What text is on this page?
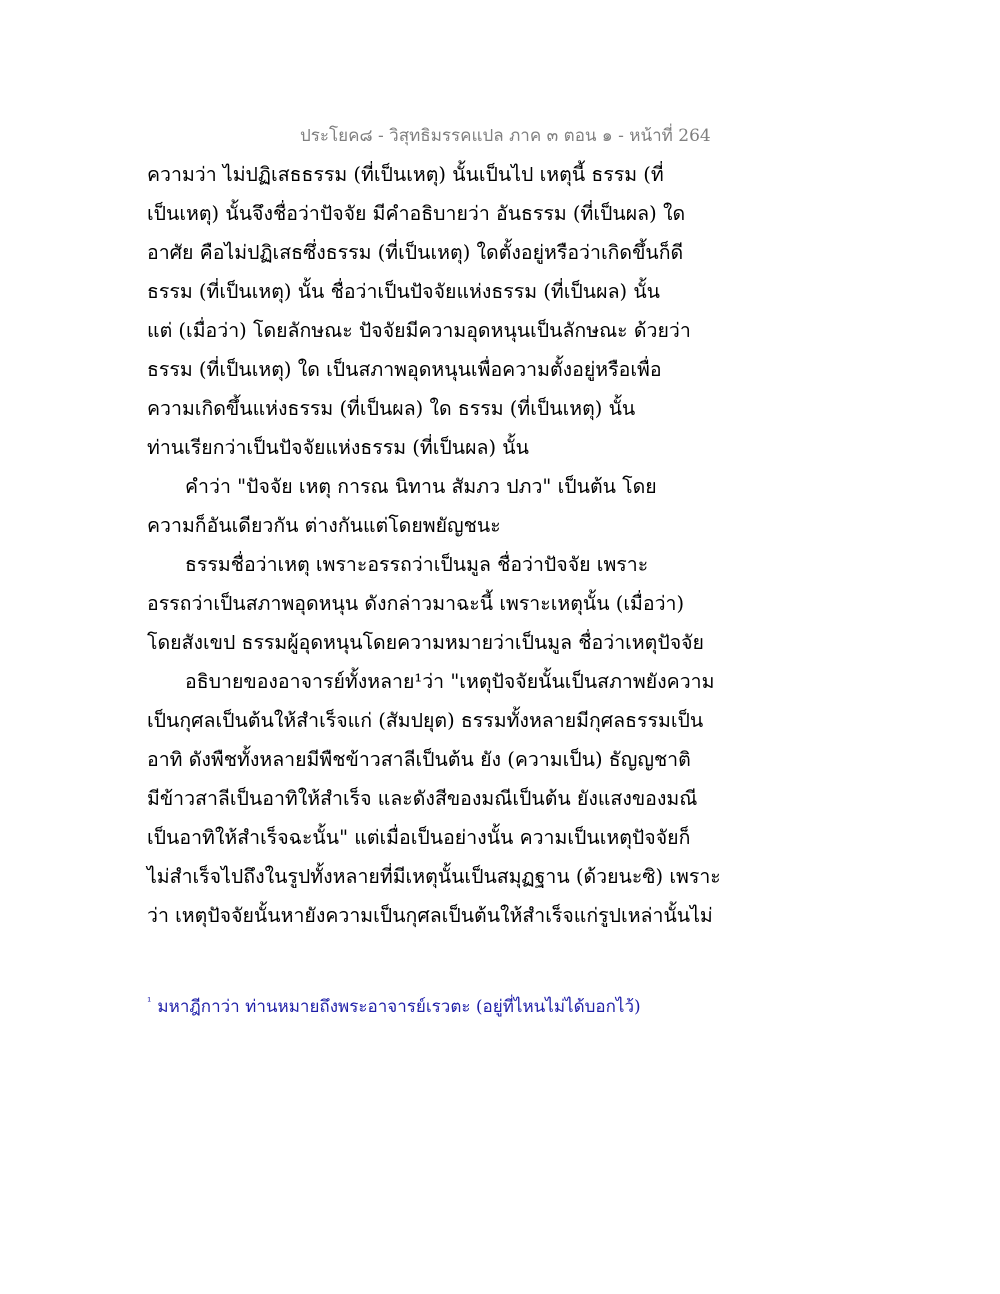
ประโยค๘ - วิสุทธิมรรคแปล ภาค ๓ ตอน ๑ - หน้าที่ 264
ความว่า ไม่ปฏิเสธธรรม (ที่เป็นเหตุ) นั้นเป็นไป เหตุนี้ ธรรม (ที่
เป็นเหตุ) นั้นจึงชื่อว่าปัจจัย มีคำอธิบายว่า อันธรรม (ที่เป็นผล) ใด
อาศัย คือไม่ปฏิเสธซึ่งธรรม (ที่เป็นเหตุ) ใดตั้งอยู่หรือว่าเกิดขึ้นก็ดี
ธรรม (ที่เป็นเหตุ) นั้น ชื่อว่าเป็นปัจจัยแห่งธรรม (ที่เป็นผล) นั้น
แต่ (เมื่อว่า) โดยลักษณะ ปัจจัยมีความอุดหนุนเป็นลักษณะ ด้วยว่า
ธรรม (ที่เป็นเหตุ) ใด เป็นสภาพอุดหนุนเพื่อความตั้งอยู่หรือเพื่อ
ความเกิดขึ้นแห่งธรรม (ที่เป็นผล) ใด ธรรม (ที่เป็นเหตุ) นั้น
ท่านเรียกว่าเป็นปัจจัยแห่งธรรม (ที่เป็นผล) นั้น
คำว่า "ปัจจัย เหตุ การณ นิทาน สัมภว ปภว" เป็นต้น โดย
ความก็อันเดียวกัน ต่างกันแต่โดยพยัญชนะ
ธรรมชื่อว่าเหตุ เพราะอรรถว่าเป็นมูล ชื่อว่าปัจจัย เพราะ
อรรถว่าเป็นสภาพอุดหนุน ดังกล่าวมาฉะนี้ เพราะเหตุนั้น (เมื่อว่า)
โดยสังเขป ธรรมผู้อุดหนุนโดยความหมายว่าเป็นมูล ชื่อว่าเหตุปัจจัย
อธิบายของอาจารย์ทั้งหลาย¹ว่า "เหตุปัจจัยนั้นเป็นสภาพยังความ
เป็นกุศลเป็นต้นให้สำเร็จแก่ (สัมปยุต) ธรรมทั้งหลายมีกุศลธรรมเป็น
อาทิ ดังพืชทั้งหลายมีพืชข้าวสาลีเป็นต้น ยัง (ความเป็น) ธัญญชาติ
มีข้าวสาลีเป็นอาทิให้สำเร็จ และดังสีของมณีเป็นต้น ยังแสงของมณี
เป็นอาทิให้สำเร็จฉะนั้น" แต่เมื่อเป็นอย่างนั้น ความเป็นเหตุปัจจัยก็
ไม่สำเร็จไปถึงในรูปทั้งหลายที่มีเหตุนั้นเป็นสมุฏฐาน (ด้วยนะซิ) เพราะ
ว่า เหตุปัจจัยนั้นหายังความเป็นกุศลเป็นต้นให้สำเร็จแก่รูปเหล่านั้นไม่
$^{^1}$ มหาฎีกาว่า ท่านหมายถึงพระอาจารย์เรวตะ (อยู่ที่ไหนไม่ได้บอกไว้)
